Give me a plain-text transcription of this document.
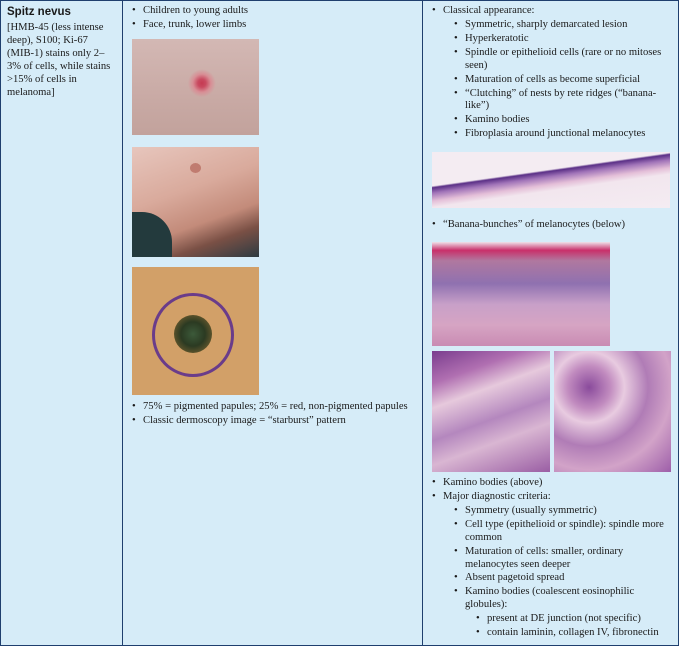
Spitz nevus
[HMB-45 (less intense deep), S100; Ki-67 (MIB-1) stains only 2–3% of cells, while stains >15% of cells in melanoma]
• Children to young adults
• Face, trunk, lower limbs
• 75% = pigmented papules; 25% = red, non-pigmented papules
• Classic dermoscopy image = “starburst” pattern
• Classical appearance:
• Symmetric, sharply demarcated lesion
• Hyperkeratotic
• Spindle or epithelioid cells (rare or no mitoses seen)
• Maturation of cells as become superficial
• “Clutching” of nests by rete ridges (“banana-like”)
• Kamino bodies
• Fibroplasia around junctional melanocytes
• “Banana-bunches” of melanocytes (below)
• Kamino bodies (above)
• Major diagnostic criteria:
• Symmetry (usually symmetric)
• Cell type (epithelioid or spindle): spindle more common
• Maturation of cells: smaller, ordinary melanocytes seen deeper
• Absent pagetoid spread
• Kamino bodies (coalescent eosinophilic globules):
• present at DE junction (not specific)
• contain laminin, collagen IV, fibronectin
